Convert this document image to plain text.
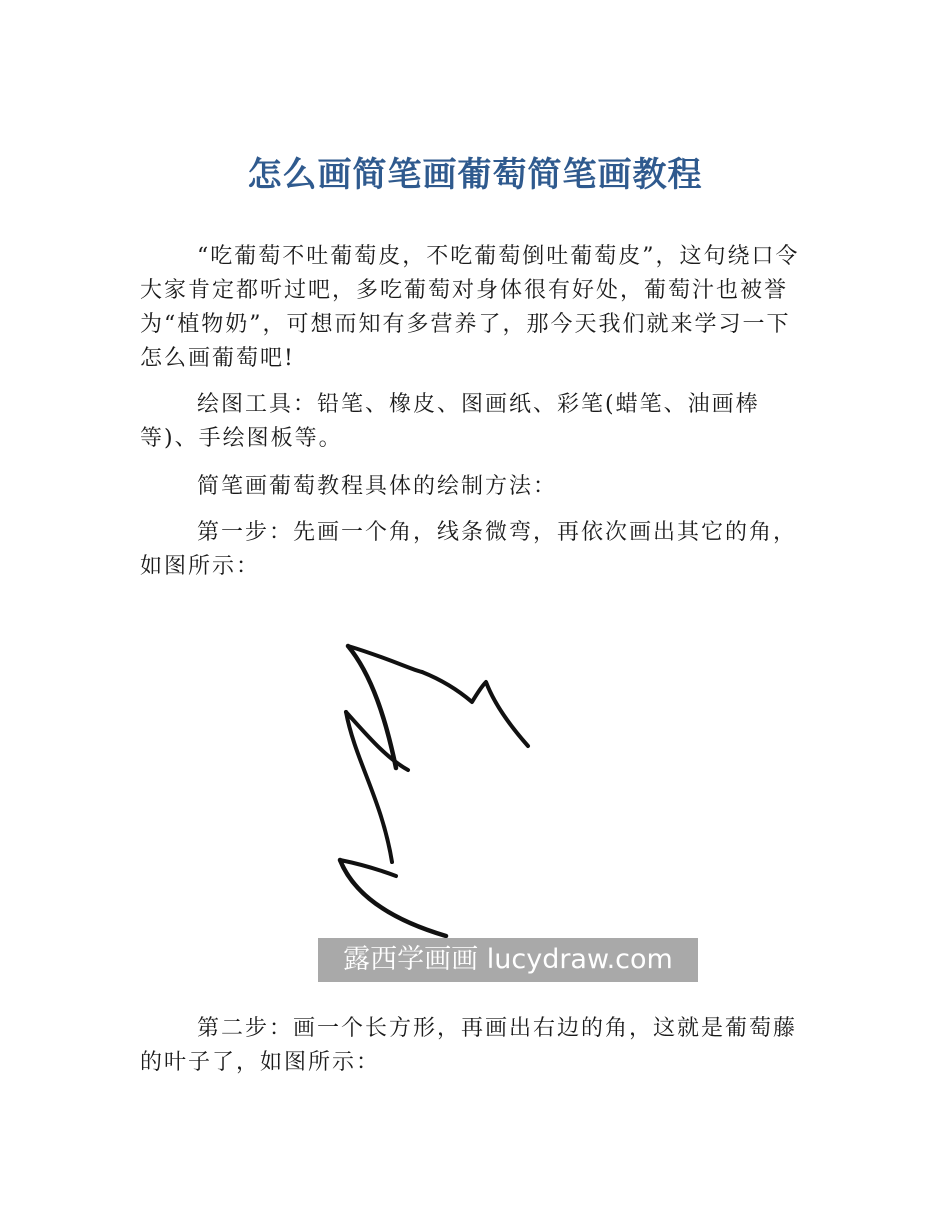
怎么画简笔画葡萄简笔画教程

“吃葡萄不吐葡萄皮，不吃葡萄倒吐葡萄皮”，这句绕口令大家肯定都听过吧，多吃葡萄对身体很有好处，葡萄汁也被誉为“植物奶”，可想而知有多营养了，那今天我们就来学习一下怎么画葡萄吧!

绘图工具：铅笔、橡皮、图画纸、彩笔(蜡笔、油画棒等)、手绘图板等。

简笔画葡萄教程具体的绘制方法：

第一步：先画一个角，线条微弯，再依次画出其它的角，如图所示：

露西学画画 lucydraw.com

第二步：画一个长方形，再画出右边的角，这就是葡萄藤的叶子了，如图所示：
